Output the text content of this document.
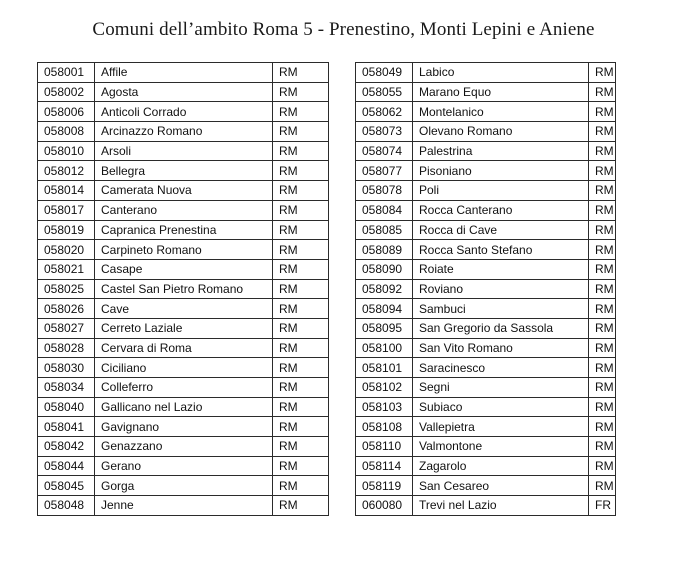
Comuni dell’ambito Roma 5 - Prenestino, Monti Lepini e Aniene
058001	Affile	RM
058002	Agosta	RM
058006	Anticoli Corrado	RM
058008	Arcinazzo Romano	RM
058010	Arsoli	RM
058012	Bellegra	RM
058014	Camerata Nuova	RM
058017	Canterano	RM
058019	Capranica Prenestina	RM
058020	Carpineto Romano	RM
058021	Casape	RM
058025	Castel San Pietro Romano	RM
058026	Cave	RM
058027	Cerreto Laziale	RM
058028	Cervara di Roma	RM
058030	Ciciliano	RM
058034	Colleferro	RM
058040	Gallicano nel Lazio	RM
058041	Gavignano	RM
058042	Genazzano	RM
058044	Gerano	RM
058045	Gorga	RM
058048	Jenne	RM
058049	Labico	RM
058055	Marano Equo	RM
058062	Montelanico	RM
058073	Olevano Romano	RM
058074	Palestrina	RM
058077	Pisoniano	RM
058078	Poli	RM
058084	Rocca Canterano	RM
058085	Rocca di Cave	RM
058089	Rocca Santo Stefano	RM
058090	Roiate	RM
058092	Roviano	RM
058094	Sambuci	RM
058095	San Gregorio da Sassola	RM
058100	San Vito Romano	RM
058101	Saracinesco	RM
058102	Segni	RM
058103	Subiaco	RM
058108	Vallepietra	RM
058110	Valmontone	RM
058114	Zagarolo	RM
058119	San Cesareo	RM
060080	Trevi nel Lazio	FR
